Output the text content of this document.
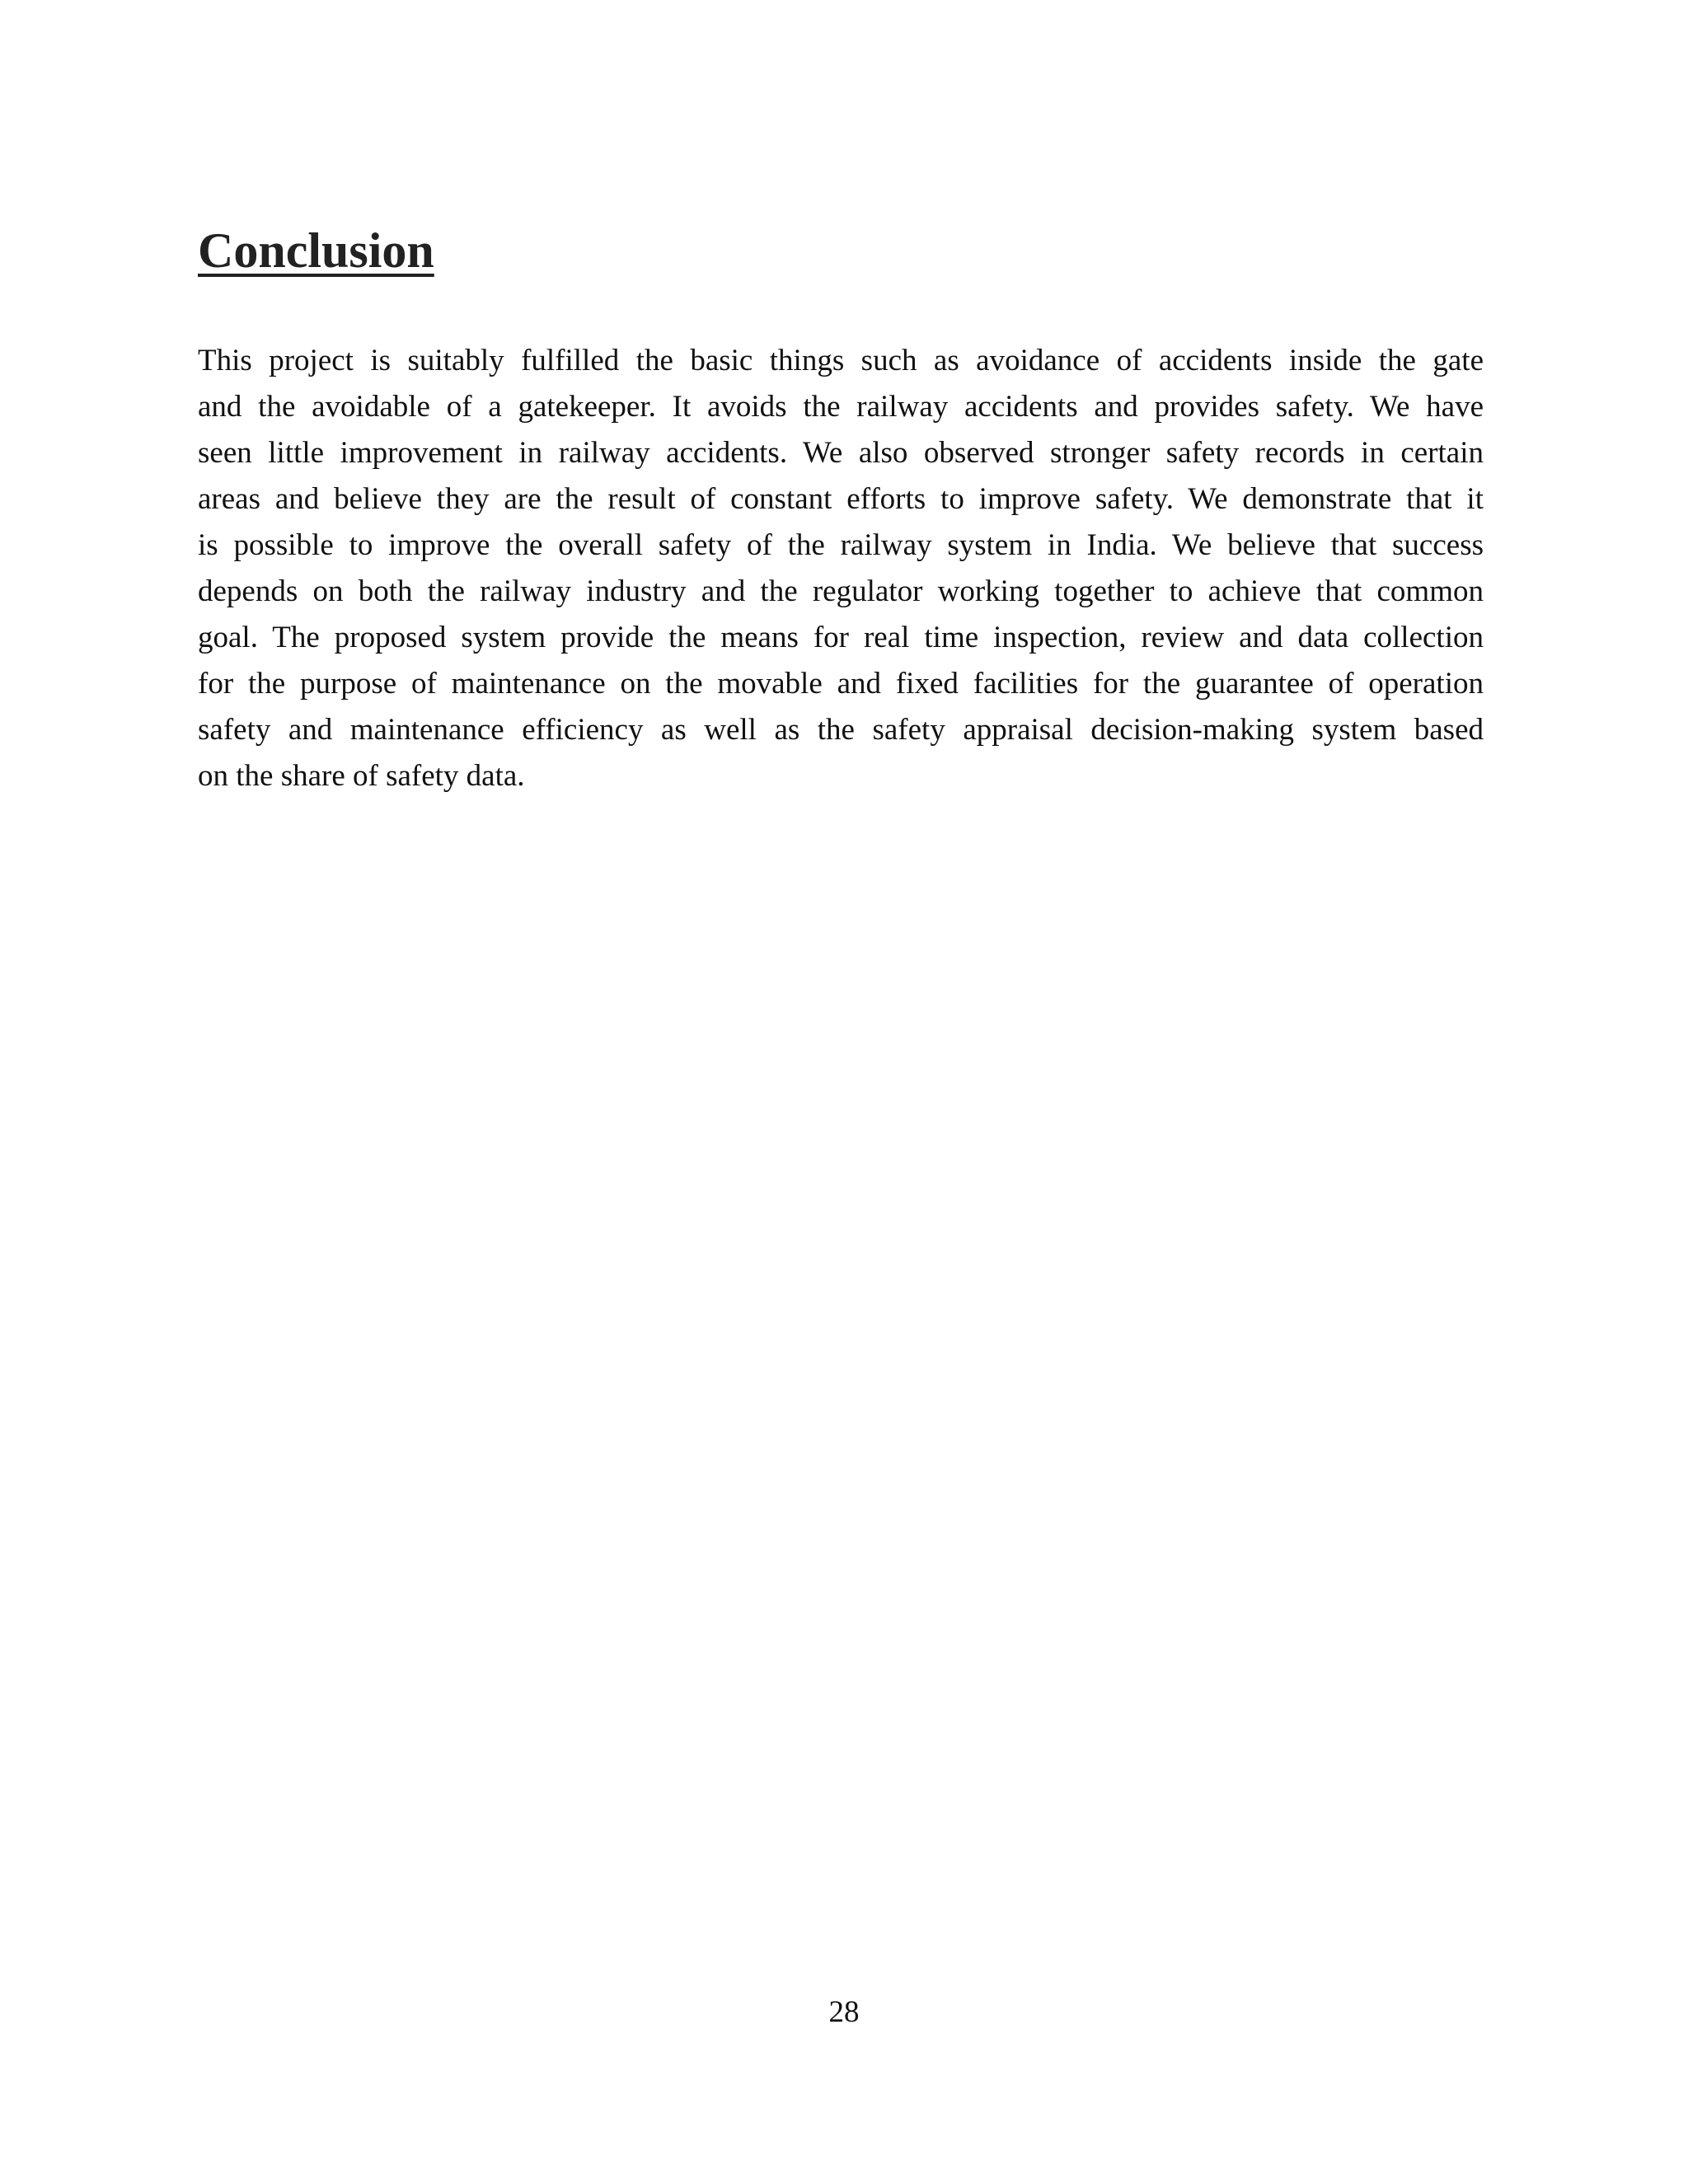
Conclusion
This project is suitably fulfilled the basic things such as avoidance of accidents inside the gate
and the avoidable of a gatekeeper. It avoids the railway accidents and provides safety. We have
seen little improvement in railway accidents. We also observed stronger safety records in certain
areas and believe they are the result of constant efforts to improve safety. We demonstrate that it
is possible to improve the overall safety of the railway system in India. We believe that success
depends on both the railway industry and the regulator working together to achieve that common
goal. The proposed system provide the means for real time inspection, review and data collection
for the purpose of maintenance on the movable and fixed facilities for the guarantee of operation
safety and maintenance efficiency as well as the safety appraisal decision-making system based
on the share of safety data.
28
